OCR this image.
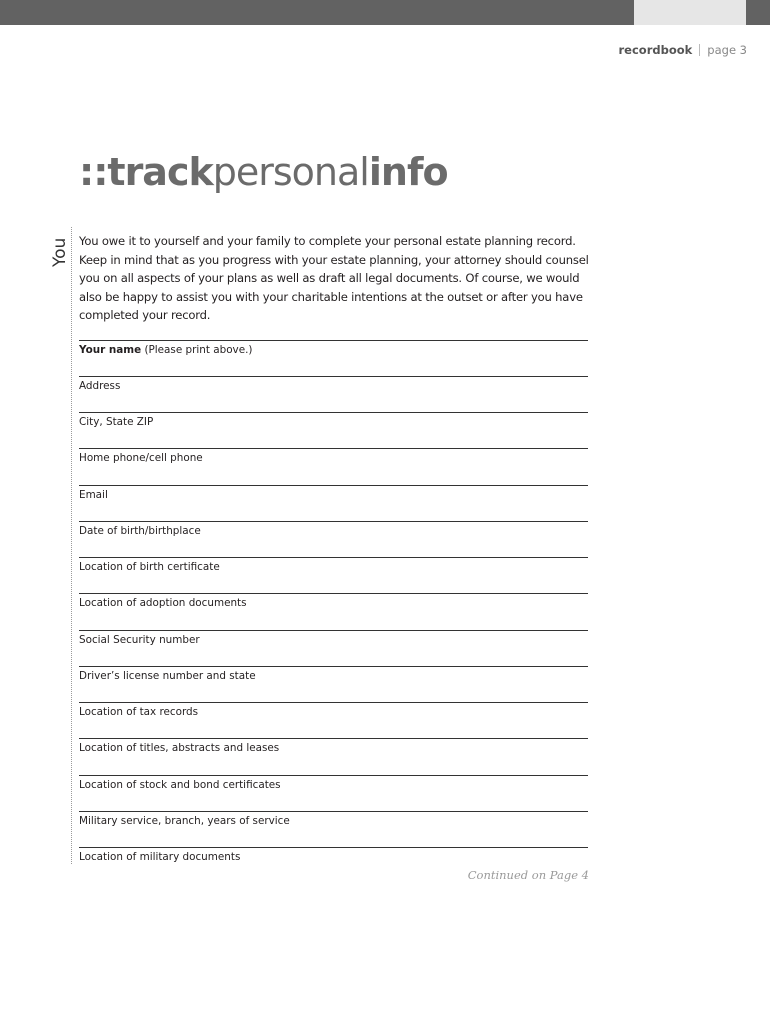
recordbook page 3
You
::trackpersonalinfo
You owe it to yourself and your family to complete your personal estate planning record. Keep in mind that as you progress with your estate planning, your attorney should counsel you on all aspects of your plans as well as draft all legal documents. Of course, we would also be happy to assist you with your charitable intentions at the outset or after you have completed your record.
Your name (Please print above.)
Address
City, State ZIP
Home phone/cell phone
Email
Date of birth/birthplace
Location of birth certificate
Location of adoption documents
Social Security number
Driver’s license number and state
Location of tax records
Location of titles, abstracts and leases
Location of stock and bond certificates
Military service, branch, years of service
Location of military documents
Continued on Page 4
